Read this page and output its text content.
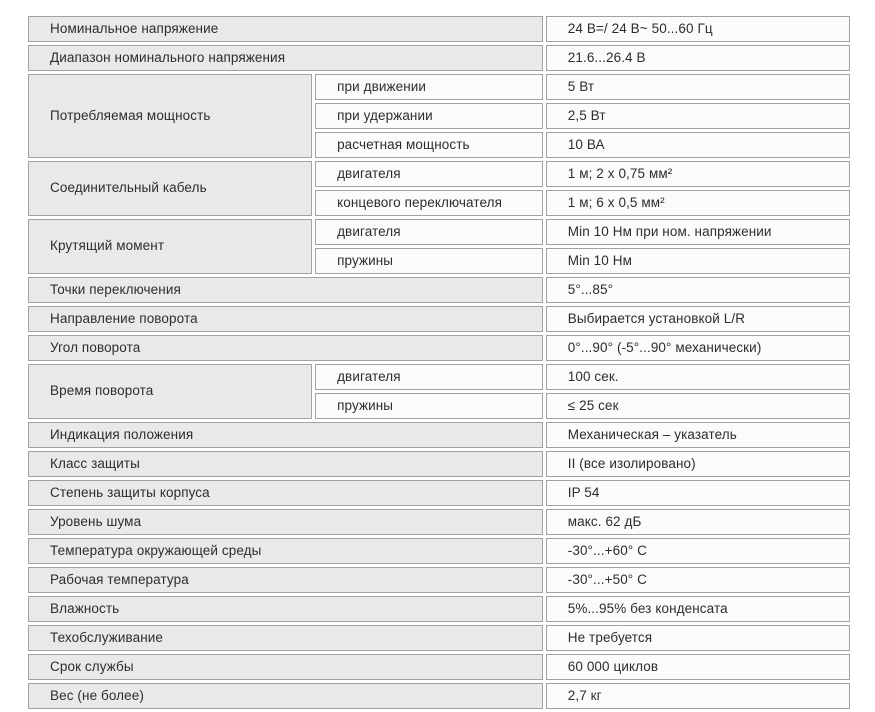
Номинальное напряжение		24 В=/ 24 В~ 50...60 Гц
Диапазон номинального напряжения		21.6...26.4 В
Потребляемая мощность	при движении	5 Вт
	при удержании	2,5 Вт
	расчетная мощность	10 ВА
Соединительный кабель	двигателя	1 м; 2 x 0,75 мм²
	концевого переключателя	1 м; 6 x 0,5 мм²
Крутящий момент	двигателя	Min 10 Нм при ном. напряжении
	пружины	Min 10 Нм
Точки переключения		5°...85°
Направление поворота		Выбирается установкой L/R
Угол поворота		0°...90° (-5°...90° механически)
Время поворота	двигателя	100 сек.
	пружины	≤ 25 сек
Индикация положения		Механическая – указатель
Класс защиты		II (все изолировано)
Степень защиты корпуса		IP 54
Уровень шума		макс. 62 дБ
Температура окружающей среды		-30°...+60° C
Рабочая температура		-30°...+50° C
Влажность		5%...95% без конденсата
Техобслуживание		Не требуется
Срок службы		60 000 циклов
Вес (не более)		2,7 кг
